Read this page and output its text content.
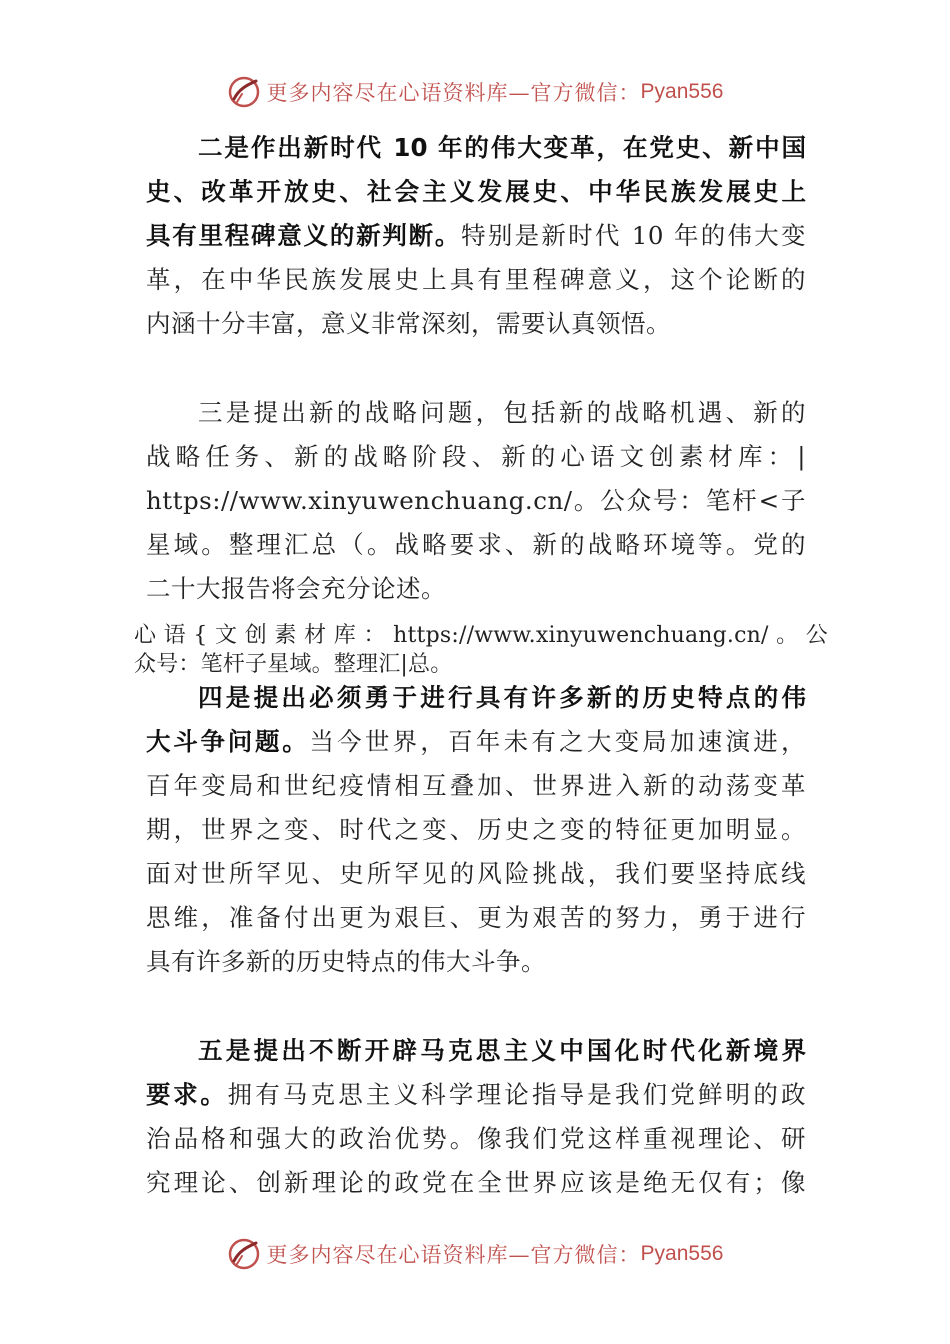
更多内容尽在心语资料库—官方微信： Pyan556
二是作出新时代 10 年的伟大变革，在党史、新中国
史、改革开放史、社会主义发展史、中华民族发展史上
具有里程碑意义的新判断。特别是新时代 10 年的伟大变
革，在中华民族发展史上具有里程碑意义，这个论断的
内涵十分丰富，意义非常深刻，需要认真领悟。
三是提出新的战略问题，包括新的战略机遇、新的
战略任务、新的战略阶段、新的心语文创素材库：|
https://www.xinyuwenchuang.cn/。公众号：笔杆<子
星域。整理汇总（。战略要求、新的战略环境等。党的
二十大报告将会充分论述。
心语{文创素材库：https://www.xinyuwenchuang.cn/。公
众号：笔杆子星域。整理汇|总。
四是提出必须勇于进行具有许多新的历史特点的伟
大斗争问题。当今世界，百年未有之大变局加速演进，
百年变局和世纪疫情相互叠加、世界进入新的动荡变革
期，世界之变、时代之变、历史之变的特征更加明显。
面对世所罕见、史所罕见的风险挑战，我们要坚持底线
思维，准备付出更为艰巨、更为艰苦的努力，勇于进行
具有许多新的历史特点的伟大斗争。
五是提出不断开辟马克思主义中国化时代化新境界
要求。拥有马克思主义科学理论指导是我们党鲜明的政
治品格和强大的政治优势。像我们党这样重视理论、研
究理论、创新理论的政党在全世界应该是绝无仅有；像
更多内容尽在心语资料库—官方微信： Pyan556
